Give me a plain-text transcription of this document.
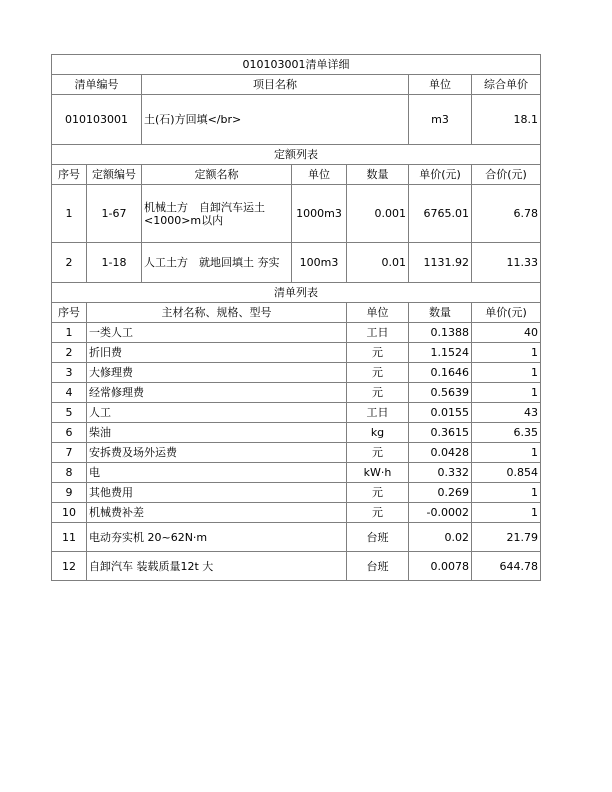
010103001清单详细							
清单编号		项目名称			单位	综合单价	
010103001		土(石)方回填</br>			m3	18.1	
定额列表							
序号	定额编号	定额名称	单位	数量	单价(元)	合价(元)	
1	1-67	机械土方　自卸汽车运土<1000>m以内	1000m3	0.001	6765.01	6.78	
2	1-18	人工土方　就地回填土 夯实	100m3	0.01	1131.92	11.33	
清单列表							
序号	主材名称、规格、型号			单位	数量	单价(元)	
1	一类人工			工日	0.1388	40	
2	折旧费			元	1.1524	1	
3	大修理费			元	0.1646	1	
4	经常修理费			元	0.5639	1	
5	人工			工日	0.0155	43	
6	柴油			kg	0.3615	6.35	
7	安拆费及场外运费			元	0.0428	1	
8	电			kW·h	0.332	0.854	
9	其他费用			元	0.269	1	
10	机械费补差			元	-0.0002	1	
11	电动夯实机 20~62N·m			台班	0.02	21.79	
12	自卸汽车 装载质量12t 大			台班	0.0078	644.78	
